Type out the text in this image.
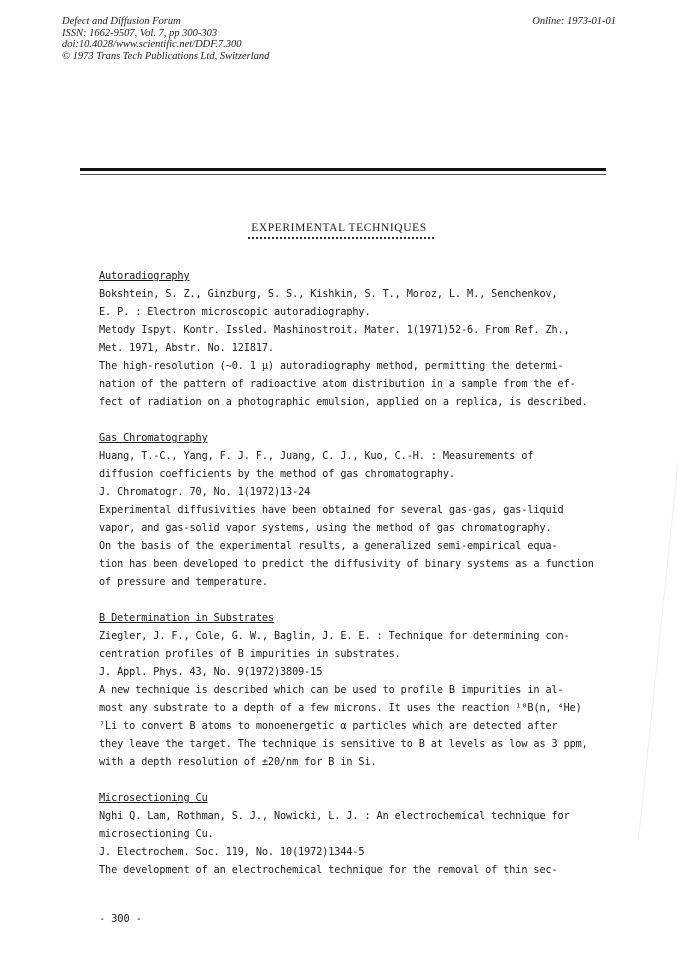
Defect and Diffusion Forum
ISSN: 1662-9507, Vol. 7, pp 300-303
doi:10.4028/www.scientific.net/DDF.7.300
© 1973 Trans Tech Publications Ltd, Switzerland
Online: 1973-01-01
EXPERIMENTAL TECHNIQUES
Autoradiography
Bokshtein, S. Z., Ginzburg, S. S., Kishkin, S. T., Moroz, L. M., Senchenkov,
E. P. : Electron microscopic autoradiography.
Metody Ispyt. Kontr. Issled. Mashinostroit. Mater. 1(1971)52-6. From Ref. Zh.,
Met. 1971, Abstr. No. 12I817.
The high-resolution (~0. 1 μ) autoradiography method, permitting the determi-
nation of the pattern of radioactive atom distribution in a sample from the ef-
fect of radiation on a photographic emulsion, applied on a replica, is described.
Gas Chromatography
Huang, T.-C., Yang, F. J. F., Juang, C. J., Kuo, C.-H. : Measurements of
diffusion coefficients by the method of gas chromatography.
J. Chromatogr. 70, No. 1(1972)13-24
Experimental diffusivities have been obtained for several gas-gas, gas-liquid
vapor, and gas-solid vapor systems, using the method of gas chromatography.
On the basis of the experimental results, a generalized semi-empirical equa-
tion has been developed to predict the diffusivity of binary systems as a function
of pressure and temperature.
B Determination in Substrates
Ziegler, J. F., Cole, G. W., Baglin, J. E. E. : Technique for determining con-
centration profiles of B impurities in substrates.
J. Appl. Phys. 43, No. 9(1972)3809-15
A new technique is described which can be used to profile B impurities in al-
most any substrate to a depth of a few microns. It uses the reaction ¹⁰B(n, ⁴He)
⁷Li to convert B atoms to monoenergetic α particles which are detected after
they leave the target. The technique is sensitive to B at levels as low as 3 ppm,
with a depth resolution of ±20/nm for B in Si.
Microsectioning Cu
Nghi Q. Lam, Rothman, S. J., Nowicki, L. J. : An electrochemical technique for
microsectioning Cu.
J. Electrochem. Soc. 119, No. 10(1972)1344-5
The development of an electrochemical technique for the removal of thin sec-
- 300 -
